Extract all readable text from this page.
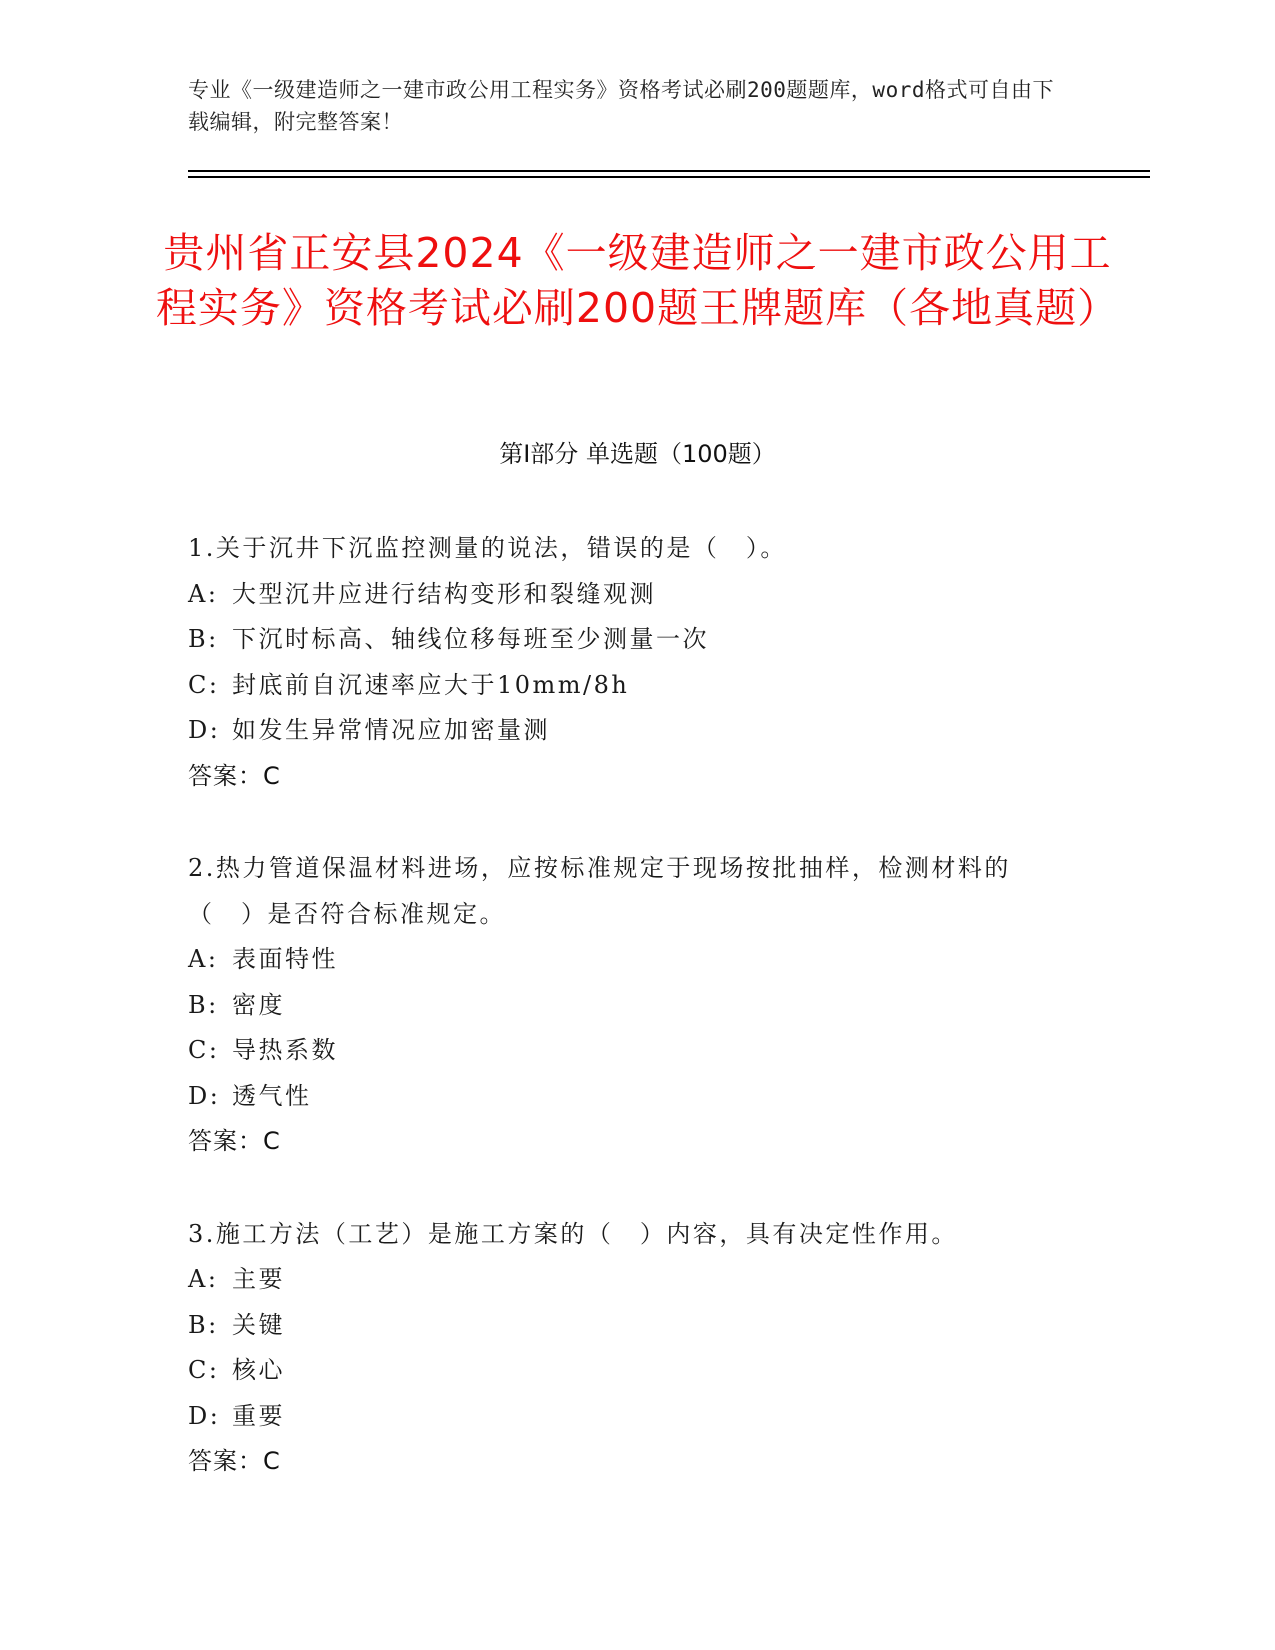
专业《一级建造师之一建市政公用工程实务》资格考试必刷200题题库，word格式可自由下载编辑，附完整答案！
贵州省正安县2024《一级建造师之一建市政公用工程实务》资格考试必刷200题王牌题库（各地真题）
第Ⅰ部分 单选题（100题）
1.关于沉井下沉监控测量的说法，错误的是（　）。
A: 大型沉井应进行结构变形和裂缝观测
B: 下沉时标高、轴线位移每班至少测量一次
C: 封底前自沉速率应大于10mm/8h
D: 如发生异常情况应加密量测
答案：C
2.热力管道保温材料进场，应按标准规定于现场按批抽样，检测材料的（　）是否符合标准规定。
A: 表面特性
B: 密度
C: 导热系数
D: 透气性
答案：C
3.施工方法（工艺）是施工方案的（　）内容，具有决定性作用。
A: 主要
B: 关键
C: 核心
D: 重要
答案：C
